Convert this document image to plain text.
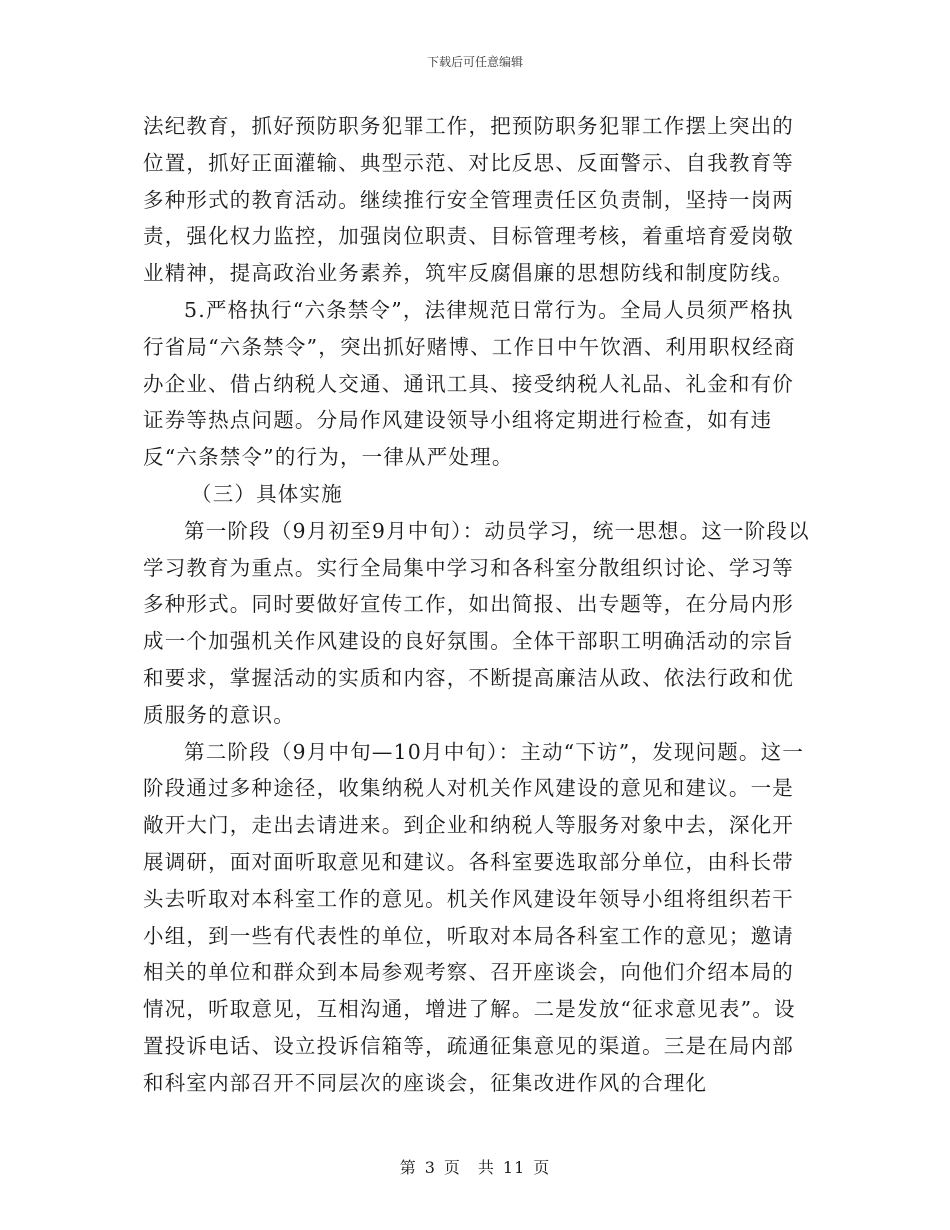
下载后可任意编辑

法纪教育，抓好预防职务犯罪工作，把预防职务犯罪工作摆上突出的位置，抓好正面灌输、典型示范、对比反思、反面警示、自我教育等多种形式的教育活动。继续推行安全管理责任区负责制，坚持一岗两责，强化权力监控，加强岗位职责、目标管理考核，着重培育爱岗敬业精神，提高政治业务素养，筑牢反腐倡廉的思想防线和制度防线。

5.严格执行“六条禁令”，法律规范日常行为。全局人员须严格执行省局“六条禁令”，突出抓好赌博、工作日中午饮酒、利用职权经商办企业、借占纳税人交通、通讯工具、接受纳税人礼品、礼金和有价证券等热点问题。分局作风建设领导小组将定期进行检查，如有违反“六条禁令”的行为，一律从严处理。

（三）具体实施

第一阶段（9月初至9月中旬）：动员学习，统一思想。这一阶段以学习教育为重点。实行全局集中学习和各科室分散组织讨论、学习等多种形式。同时要做好宣传工作，如出简报、出专题等，在分局内形成一个加强机关作风建设的良好氛围。全体干部职工明确活动的宗旨和要求，掌握活动的实质和内容，不断提高廉洁从政、依法行政和优质服务的意识。

第二阶段（9月中旬—10月中旬）：主动“下访”，发现问题。这一阶段通过多种途径，收集纳税人对机关作风建设的意见和建议。一是敞开大门，走出去请进来。到企业和纳税人等服务对象中去，深化开展调研，面对面听取意见和建议。各科室要选取部分单位，由科长带头去听取对本科室工作的意见。机关作风建设年领导小组将组织若干小组，到一些有代表性的单位，听取对本局各科室工作的意见；邀请相关的单位和群众到本局参观考察、召开座谈会，向他们介绍本局的情况，听取意见，互相沟通，增进了解。二是发放“征求意见表”。设置投诉电话、设立投诉信箱等，疏通征集意见的渠道。三是在局内部和科室内部召开不同层次的座谈会，征集改进作风的合理化

第 3 页　共 11 页
